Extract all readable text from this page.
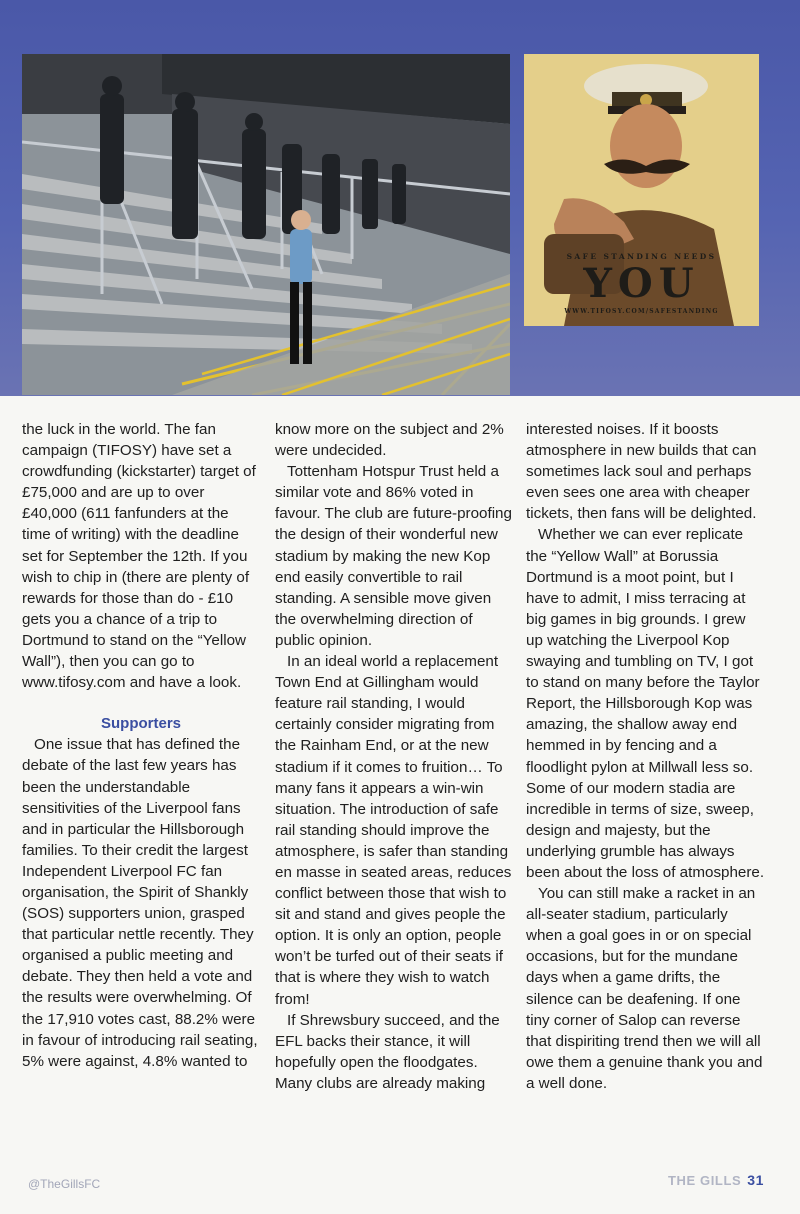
SAFE STANDING NEEDS
YOU
WWW.TIFOSY.COM/SAFESTANDING

the luck in the world. The fan campaign (TIFOSY) have set a crowdfunding (kickstarter) target of £75,000 and are up to over £40,000 (611 fanfunders at the time of writing) with the deadline set for September the 12th. If you wish to chip in (there are plenty of rewards for those than do - £10 gets you a chance of a trip to Dortmund to stand on the “Yellow Wall”), then you can go to www.tifosy.com and have a look.

Supporters

One issue that has defined the debate of the last few years has been the understandable sensitivities of the Liverpool fans and in particular the Hillsborough families. To their credit the largest Independent Liverpool FC fan organisation, the Spirit of Shankly (SOS) supporters union, grasped that particular nettle recently. They organised a public meeting and debate. They then held a vote and the results were overwhelming. Of the 17,910 votes cast, 88.2% were in favour of introducing rail seating, 5% were against, 4.8% wanted to

know more on the subject and 2% were undecided.

Tottenham Hotspur Trust held a similar vote and 86% voted in favour. The club are future-proofing the design of their wonderful new stadium by making the new Kop end easily convertible to rail standing. A sensible move given the overwhelming direction of public opinion.

In an ideal world a replacement Town End at Gillingham would feature rail standing, I would certainly consider migrating from the Rainham End, or at the new stadium if it comes to fruition… To many fans it appears a win-win situation. The introduction of safe rail standing should improve the atmosphere, is safer than standing en masse in seated areas, reduces conflict between those that wish to sit and stand and gives people the option. It is only an option, people won’t be turfed out of their seats if that is where they wish to watch from!

If Shrewsbury succeed, and the EFL backs their stance, it will hopefully open the floodgates. Many clubs are already making

interested noises. If it boosts atmosphere in new builds that can sometimes lack soul and perhaps even sees one area with cheaper tickets, then fans will be delighted.

Whether we can ever replicate the “Yellow Wall” at Borussia Dortmund is a moot point, but I have to admit, I miss terracing at big games in big grounds. I grew up watching the Liverpool Kop swaying and tumbling on TV, I got to stand on many before the Taylor Report, the Hillsborough Kop was amazing, the shallow away end hemmed in by fencing and a floodlight pylon at Millwall less so. Some of our modern stadia are incredible in terms of size, sweep, design and majesty, but the underlying grumble has always been about the loss of atmosphere.

You can still make a racket in an all-seater stadium, particularly when a goal goes in or on special occasions, but for the mundane days when a game drifts, the silence can be deafening. If one tiny corner of Salop can reverse that dispiriting trend then we will all owe them a genuine thank you and a well done.

@TheGillsFC	THE GILLS 31
